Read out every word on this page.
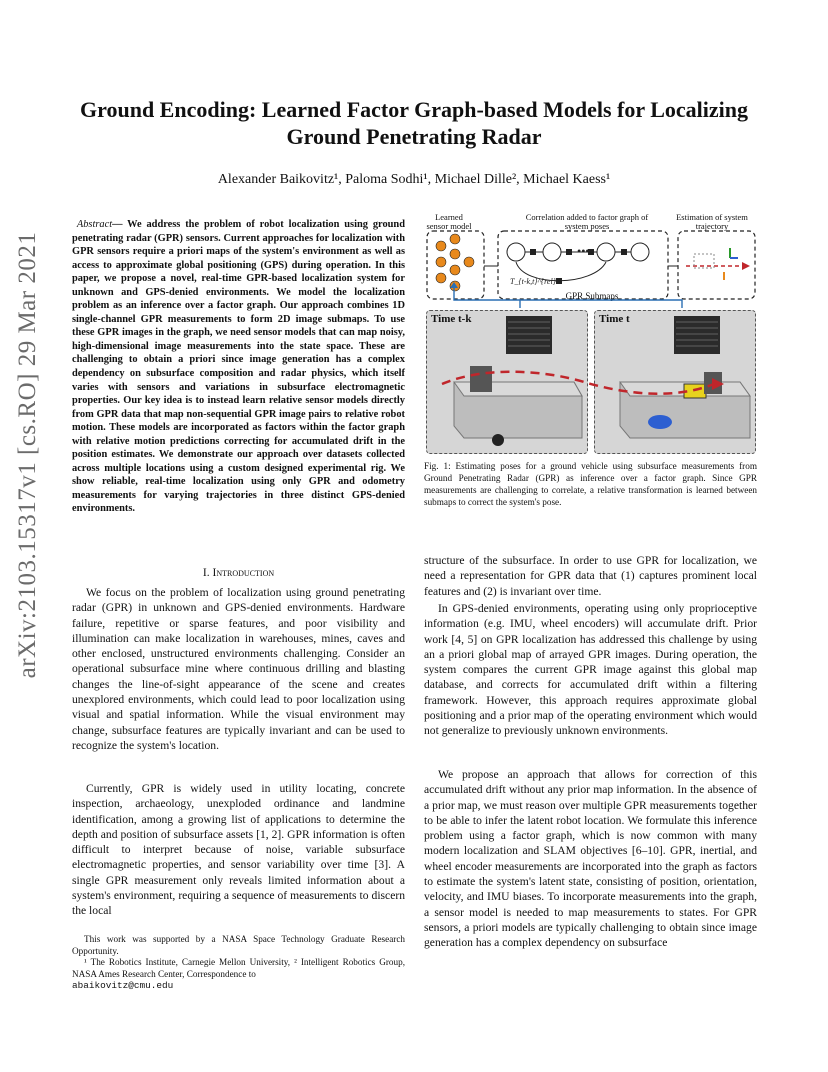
Ground Encoding: Learned Factor Graph-based Models for Localizing
Ground Penetrating Radar
Alexander Baikovitz¹, Paloma Sodhi¹, Michael Dille², Michael Kaess¹
arXiv:2103.15317v1 [cs.RO] 29 Mar 2021
Abstract— We address the problem of robot localization using ground penetrating radar (GPR) sensors. Current approaches for localization with GPR sensors require a priori maps of the system's environment as well as access to approximate global positioning (GPS) during operation. In this paper, we propose a novel, real-time GPR-based localization system for unknown and GPS-denied environments. We model the localization problem as an inference over a factor graph. Our approach combines 1D single-channel GPR measurements to form 2D image submaps. To use these GPR images in the graph, we need sensor models that can map noisy, high-dimensional image measurements into the state space. These are challenging to obtain a priori since image generation has a complex dependency on subsurface composition and radar physics, which itself varies with sensors and variations in subsurface electromagnetic properties. Our key idea is to instead learn relative sensor models directly from GPR data that map non-sequential GPR image pairs to relative robot motion. These models are incorporated as factors within the factor graph with relative motion predictions correcting for accumulated drift in the position estimates. We demonstrate our approach over datasets collected across multiple locations using a custom designed experimental rig. We show reliable, real-time localization using only GPR and odometry measurements for varying trajectories in three distinct GPS-denied environments.
I. Introduction

We focus on the problem of localization using ground penetrating radar (GPR) in unknown and GPS-denied environments. Hardware failure, repetitive or sparse features, and poor visibility and illumination can make localization in warehouses, mines, caves and other enclosed, unstructured environments challenging. Consider an operational subsurface mine where continuous drilling and blasting changes the line-of-sight appearance of the scene and creates unexplored environments, which could lead to poor localization using visual and spatial information. While the visual environment may change, subsurface features are typically invariant and can be used to recognize the system's location.

Currently, GPR is widely used in utility locating, concrete inspection, archaeology, unexploded ordinance and landmine identification, among a growing list of applications to determine the depth and position of subsurface assets [1, 2]. GPR information is often difficult to interpret because of noise, variable subsurface electromagnetic properties, and sensor variability over time [3]. A single GPR measurement only reveals limited information about a system's environment, requiring a sequence of measurements to discern the local

This work was supported by a NASA Space Technology Graduate Research Opportunity.
¹ The Robotics Institute, Carnegie Mellon University, ² Intelligent Robotics Group, NASA Ames Research Center, Correspondence to
abaikovitz@cmu.edu
Learned sensor model
Correlation added to factor graph of system poses
Estimation of system trajectory
•••
T_{t-k,t}^{rel}
GPR Submaps
Time t-k	Time t
Fig. 1: Estimating poses for a ground vehicle using subsurface measurements from Ground Penetrating Radar (GPR) as inference over a factor graph. Since GPR measurements are challenging to correlate, a relative transformation is learned between submaps to correct the system's pose.

structure of the subsurface. In order to use GPR for localization, we need a representation for GPR data that (1) captures prominent local features and (2) is invariant over time.

In GPS-denied environments, operating using only proprioceptive information (e.g. IMU, wheel encoders) will accumulate drift. Prior work [4, 5] on GPR localization has addressed this challenge by using an a priori global map of arrayed GPR images. During operation, the system compares the current GPR image against this global map database, and corrects for accumulated drift within a filtering framework. However, this approach requires approximate global positioning and a prior map of the operating environment which would not generalize to previously unknown environments.

We propose an approach that allows for correction of this accumulated drift without any prior map information. In the absence of a prior map, we must reason over multiple GPR measurements together to be able to infer the latent robot location. We formulate this inference problem using a factor graph, which is now common with many modern localization and SLAM objectives [6–10]. GPR, inertial, and wheel encoder measurements are incorporated into the graph as factors to estimate the system's latent state, consisting of position, orientation, velocity, and IMU biases. To incorporate measurements into the graph, a sensor model is needed to map measurements to states. For GPR sensors, a priori models are typically challenging to obtain since image generation has a complex dependency on subsurface
